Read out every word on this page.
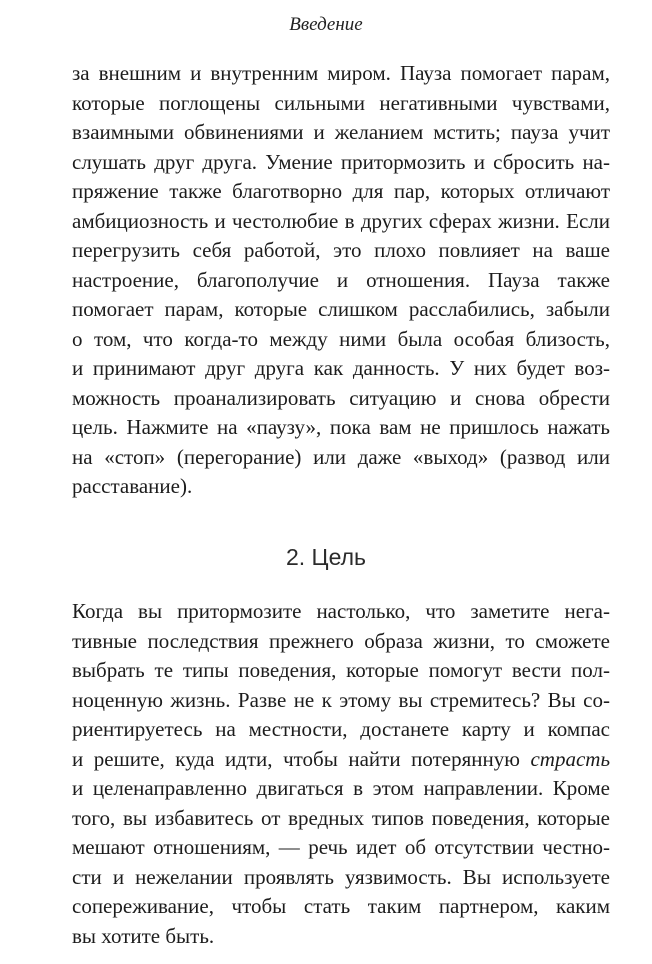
Введение
за внешним и внутренним миром. Пауза помогает парам,
которые поглощены сильными негативными чувствами,
взаимными обвинениями и желанием мстить; пауза учит
слушать друг друга. Умение притормозить и сбросить на-
пряжение также благотворно для пар, которых отличают
амбициозность и честолюбие в других сферах жизни. Если
перегрузить себя работой, это плохо повлияет на ваше
настроение, благополучие и отношения. Пауза также
помогает парам, которые слишком расслабились, забыли
о том, что когда-то между ними была особая близость,
и принимают друг друга как данность. У них будет воз-
можность проанализировать ситуацию и снова обрести
цель. Нажмите на «паузу», пока вам не пришлось нажать
на «стоп» (перегорание) или даже «выход» (развод или
расставание).
2. Цель
Когда вы притормозите настолько, что заметите нега-
тивные последствия прежнего образа жизни, то сможете
выбрать те типы поведения, которые помогут вести пол-
ноценную жизнь. Разве не к этому вы стремитесь? Вы со-
риентируетесь на местности, достанете карту и компас
и решите, куда идти, чтобы найти потерянную страсть
и целенаправленно двигаться в этом направлении. Кроме
того, вы избавитесь от вредных типов поведения, которые
мешают отношениям, — речь идет об отсутствии честно-
сти и нежелании проявлять уязвимость. Вы используете
сопереживание, чтобы стать таким партнером, каким
вы хотите быть.
